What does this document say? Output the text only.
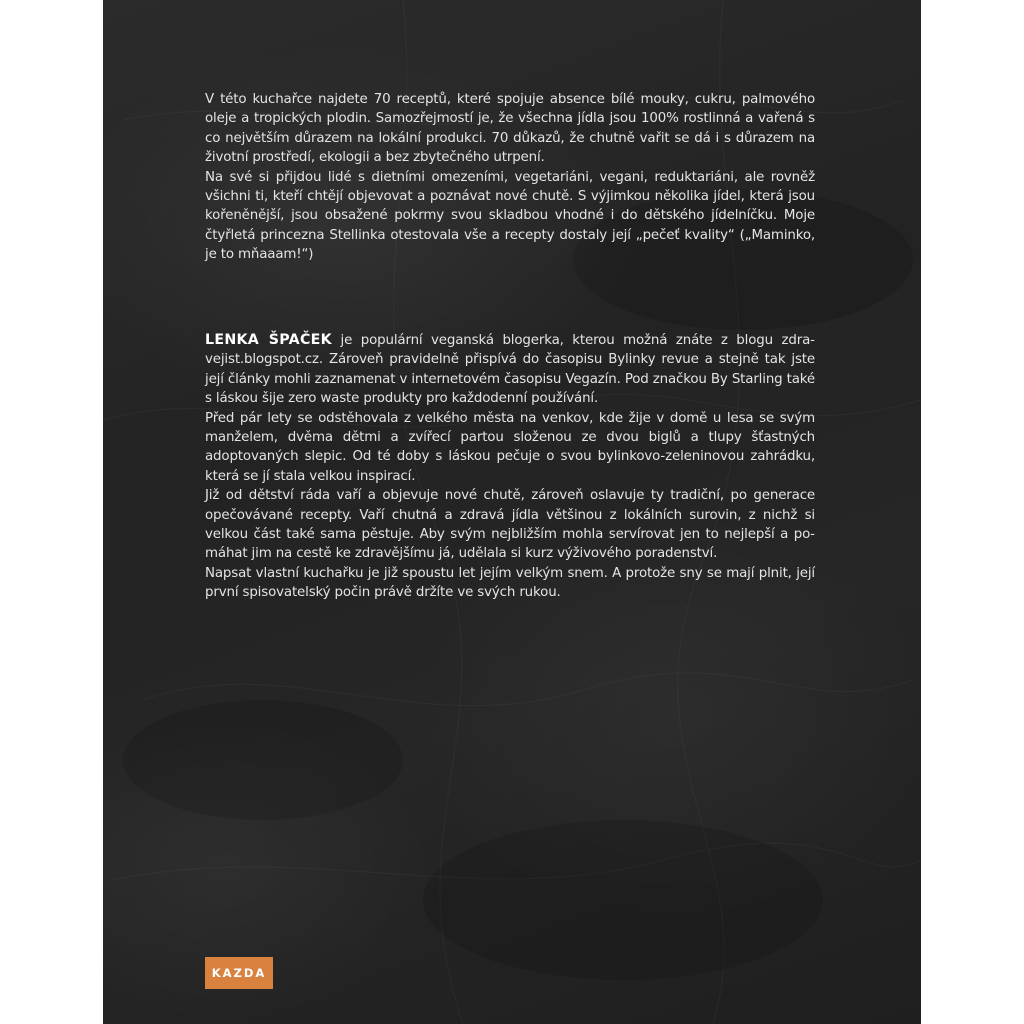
V této kuchařce najdete 70 receptů, které spojuje absence bílé mouky, cukru, palmového oleje a tropických plodin. Samozřejmostí je, že všechna jídla jsou 100% rostlinná a vařená s co největším důrazem na lokální produkci. 70 důkazů, že chutně vařit se dá i s důrazem na životní prostředí, ekologii a bez zbytečného utrpení.

Na své si přijdou lidé s dietními omezeními, vegetariáni, vegani, reduktariáni, ale rovněž všichni ti, kteří chtějí objevovat a poznávat nové chutě. S výjimkou několika jídel, která jsou kořeněnější, jsou obsažené pokrmy svou skladbou vhodné i do dětského jídelníčku. Moje čtyřletá princezna Stellinka otestovala vše a recepty dostaly její „pečeť kvality“ („Maminko, je to mňaaam!“)

LENKA ŠPAČEK je populární veganská blogerka, kterou možná znáte z blogu zdravejist.blogspot.cz. Zároveň pravidelně přispívá do časopisu Bylinky revue a stejně tak jste její články mohli zaznamenat v internetovém časopisu Vegazín. Pod značkou By Starling také s láskou šije zero waste produkty pro každodenní používání.

Před pár lety se odstěhovala z velkého města na venkov, kde žije v domě u lesa se svým manželem, dvěma dětmi a zvířecí partou složenou ze dvou biglů a tlupy šťastných adoptovaných slepic. Od té doby s láskou pečuje o svou bylinkovo-zeleninovou zahrádku, která se jí stala velkou inspirací.

Již od dětství ráda vaří a objevuje nové chutě, zároveň oslavuje ty tradiční, po generace opečovávané recepty. Vaří chutná a zdravá jídla většinou z lokálních surovin, z nichž si velkou část také sama pěstuje. Aby svým nejbližším mohla servírovat jen to nejlepší a pomáhat jim na cestě ke zdravějšímu já, udělala si kurz výživového poradenství.

Napsat vlastní kuchařku je již spoustu let jejím velkým snem. A protože sny se mají plnit, její první spisovatelský počin právě držíte ve svých rukou.

KAZDA
